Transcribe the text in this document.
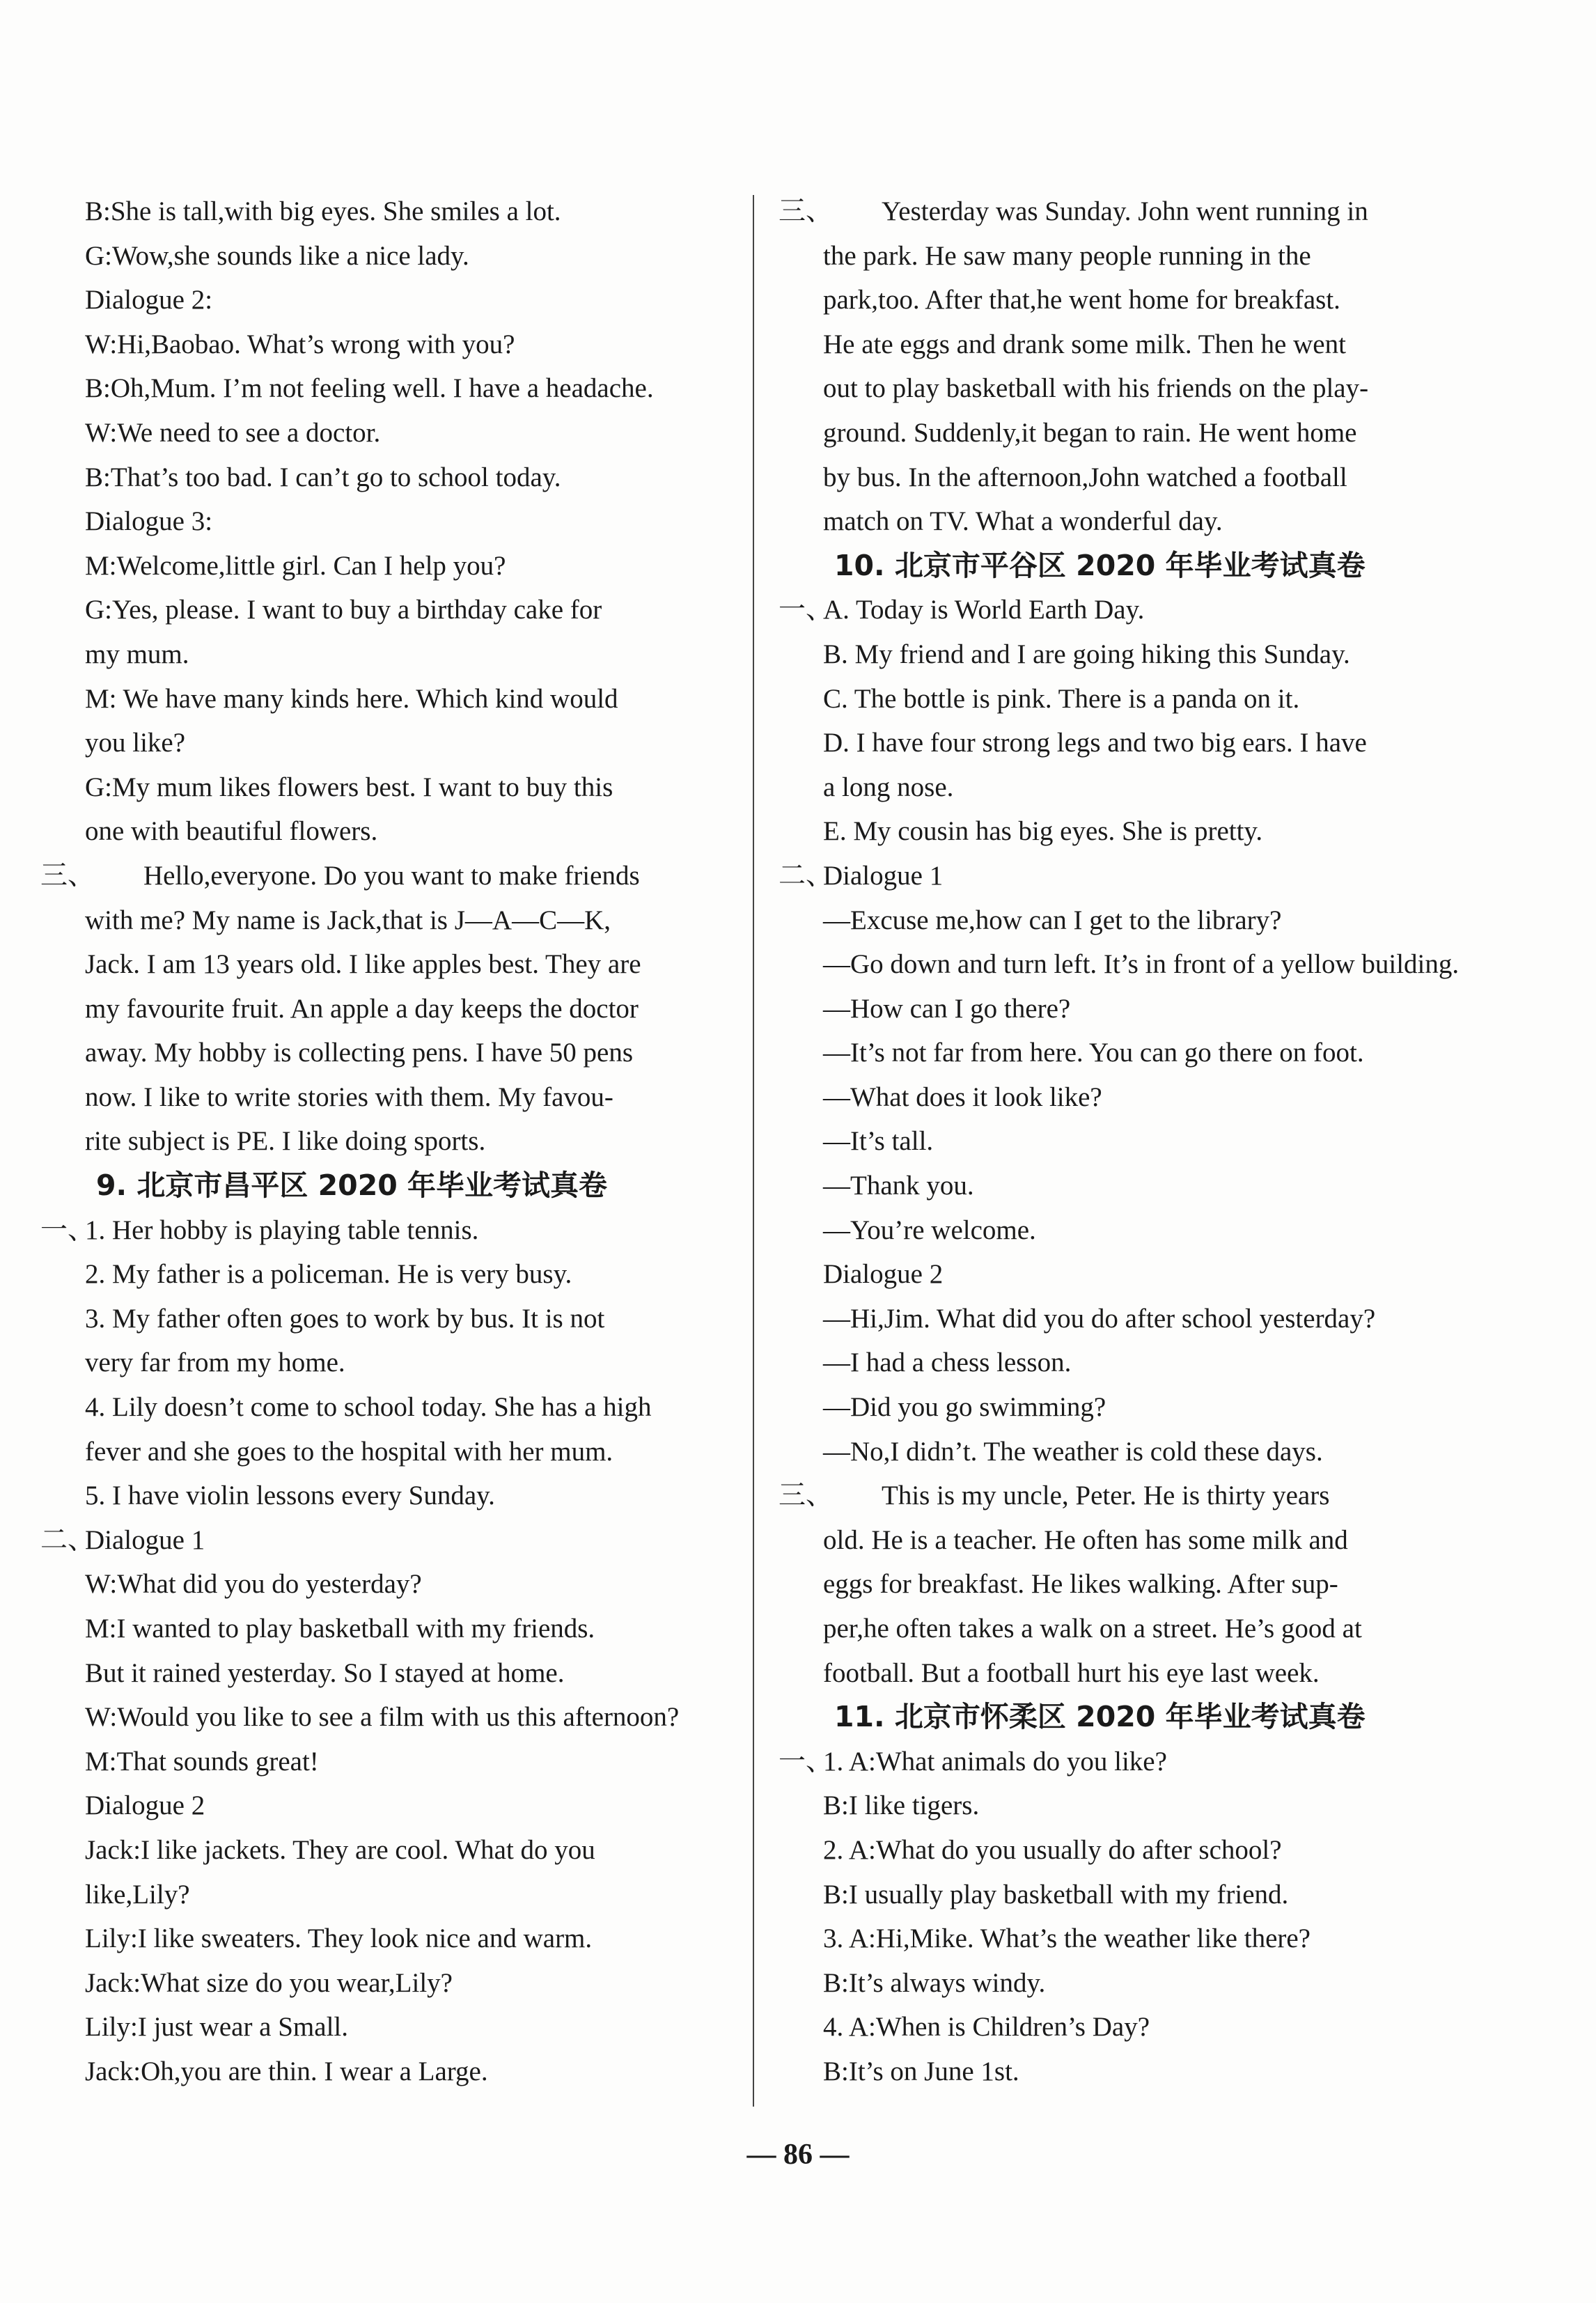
B:She is tall,with big eyes. She smiles a lot.
G:Wow,she sounds like a nice lady.
Dialogue 2:
W:Hi,Baobao. What’s wrong with you?
B:Oh,Mum. I’m not feeling well. I have a headache.
W:We need to see a doctor.
B:That’s too bad. I can’t go to school today.
Dialogue 3:
M:Welcome,little girl. Can I help you?
G:Yes, please. I want to buy a birthday cake for
my mum.
M: We have many kinds here. Which kind would
you like?
G:My mum likes flowers best. I want to buy this
one with beautiful flowers.
三、 Hello,everyone. Do you want to make friends
with me? My name is Jack,that is J—A—C—K,
Jack. I am 13 years old. I like apples best. They are
my favourite fruit. An apple a day keeps the doctor
away. My hobby is collecting pens. I have 50 pens
now. I like to write stories with them. My favou-
rite subject is PE. I like doing sports.
9. 北京市昌平区 2020 年毕业考试真卷
一、1. Her hobby is playing table tennis.
2. My father is a policeman. He is very busy.
3. My father often goes to work by bus. It is not
very far from my home.
4. Lily doesn’t come to school today. She has a high
fever and she goes to the hospital with her mum.
5. I have violin lessons every Sunday.
二、Dialogue 1
W:What did you do yesterday?
M:I wanted to play basketball with my friends.
But it rained yesterday. So I stayed at home.
W:Would you like to see a film with us this afternoon?
M:That sounds great!
Dialogue 2
Jack:I like jackets. They are cool. What do you
like,Lily?
Lily:I like sweaters. They look nice and warm.
Jack:What size do you wear,Lily?
Lily:I just wear a Small.
Jack:Oh,you are thin. I wear a Large.
三、 Yesterday was Sunday. John went running in
the park. He saw many people running in the
park,too. After that,he went home for breakfast.
He ate eggs and drank some milk. Then he went
out to play basketball with his friends on the play-
ground. Suddenly,it began to rain. He went home
by bus. In the afternoon,John watched a football
match on TV. What a wonderful day.
10. 北京市平谷区 2020 年毕业考试真卷
一、A. Today is World Earth Day.
B. My friend and I are going hiking this Sunday.
C. The bottle is pink. There is a panda on it.
D. I have four strong legs and two big ears. I have
a long nose.
E. My cousin has big eyes. She is pretty.
二、Dialogue 1
—Excuse me,how can I get to the library?
—Go down and turn left. It’s in front of a yellow building.
—How can I go there?
—It’s not far from here. You can go there on foot.
—What does it look like?
—It’s tall.
—Thank you.
—You’re welcome.
Dialogue 2
—Hi,Jim. What did you do after school yesterday?
—I had a chess lesson.
—Did you go swimming?
—No,I didn’t. The weather is cold these days.
三、 This is my uncle, Peter. He is thirty years
old. He is a teacher. He often has some milk and
eggs for breakfast. He likes walking. After sup-
per,he often takes a walk on a street. He’s good at
football. But a football hurt his eye last week.
11. 北京市怀柔区 2020 年毕业考试真卷
一、1. A:What animals do you like?
B:I like tigers.
2. A:What do you usually do after school?
B:I usually play basketball with my friend.
3. A:Hi,Mike. What’s the weather like there?
B:It’s always windy.
4. A:When is Children’s Day?
B:It’s on June 1st.
— 86 —
